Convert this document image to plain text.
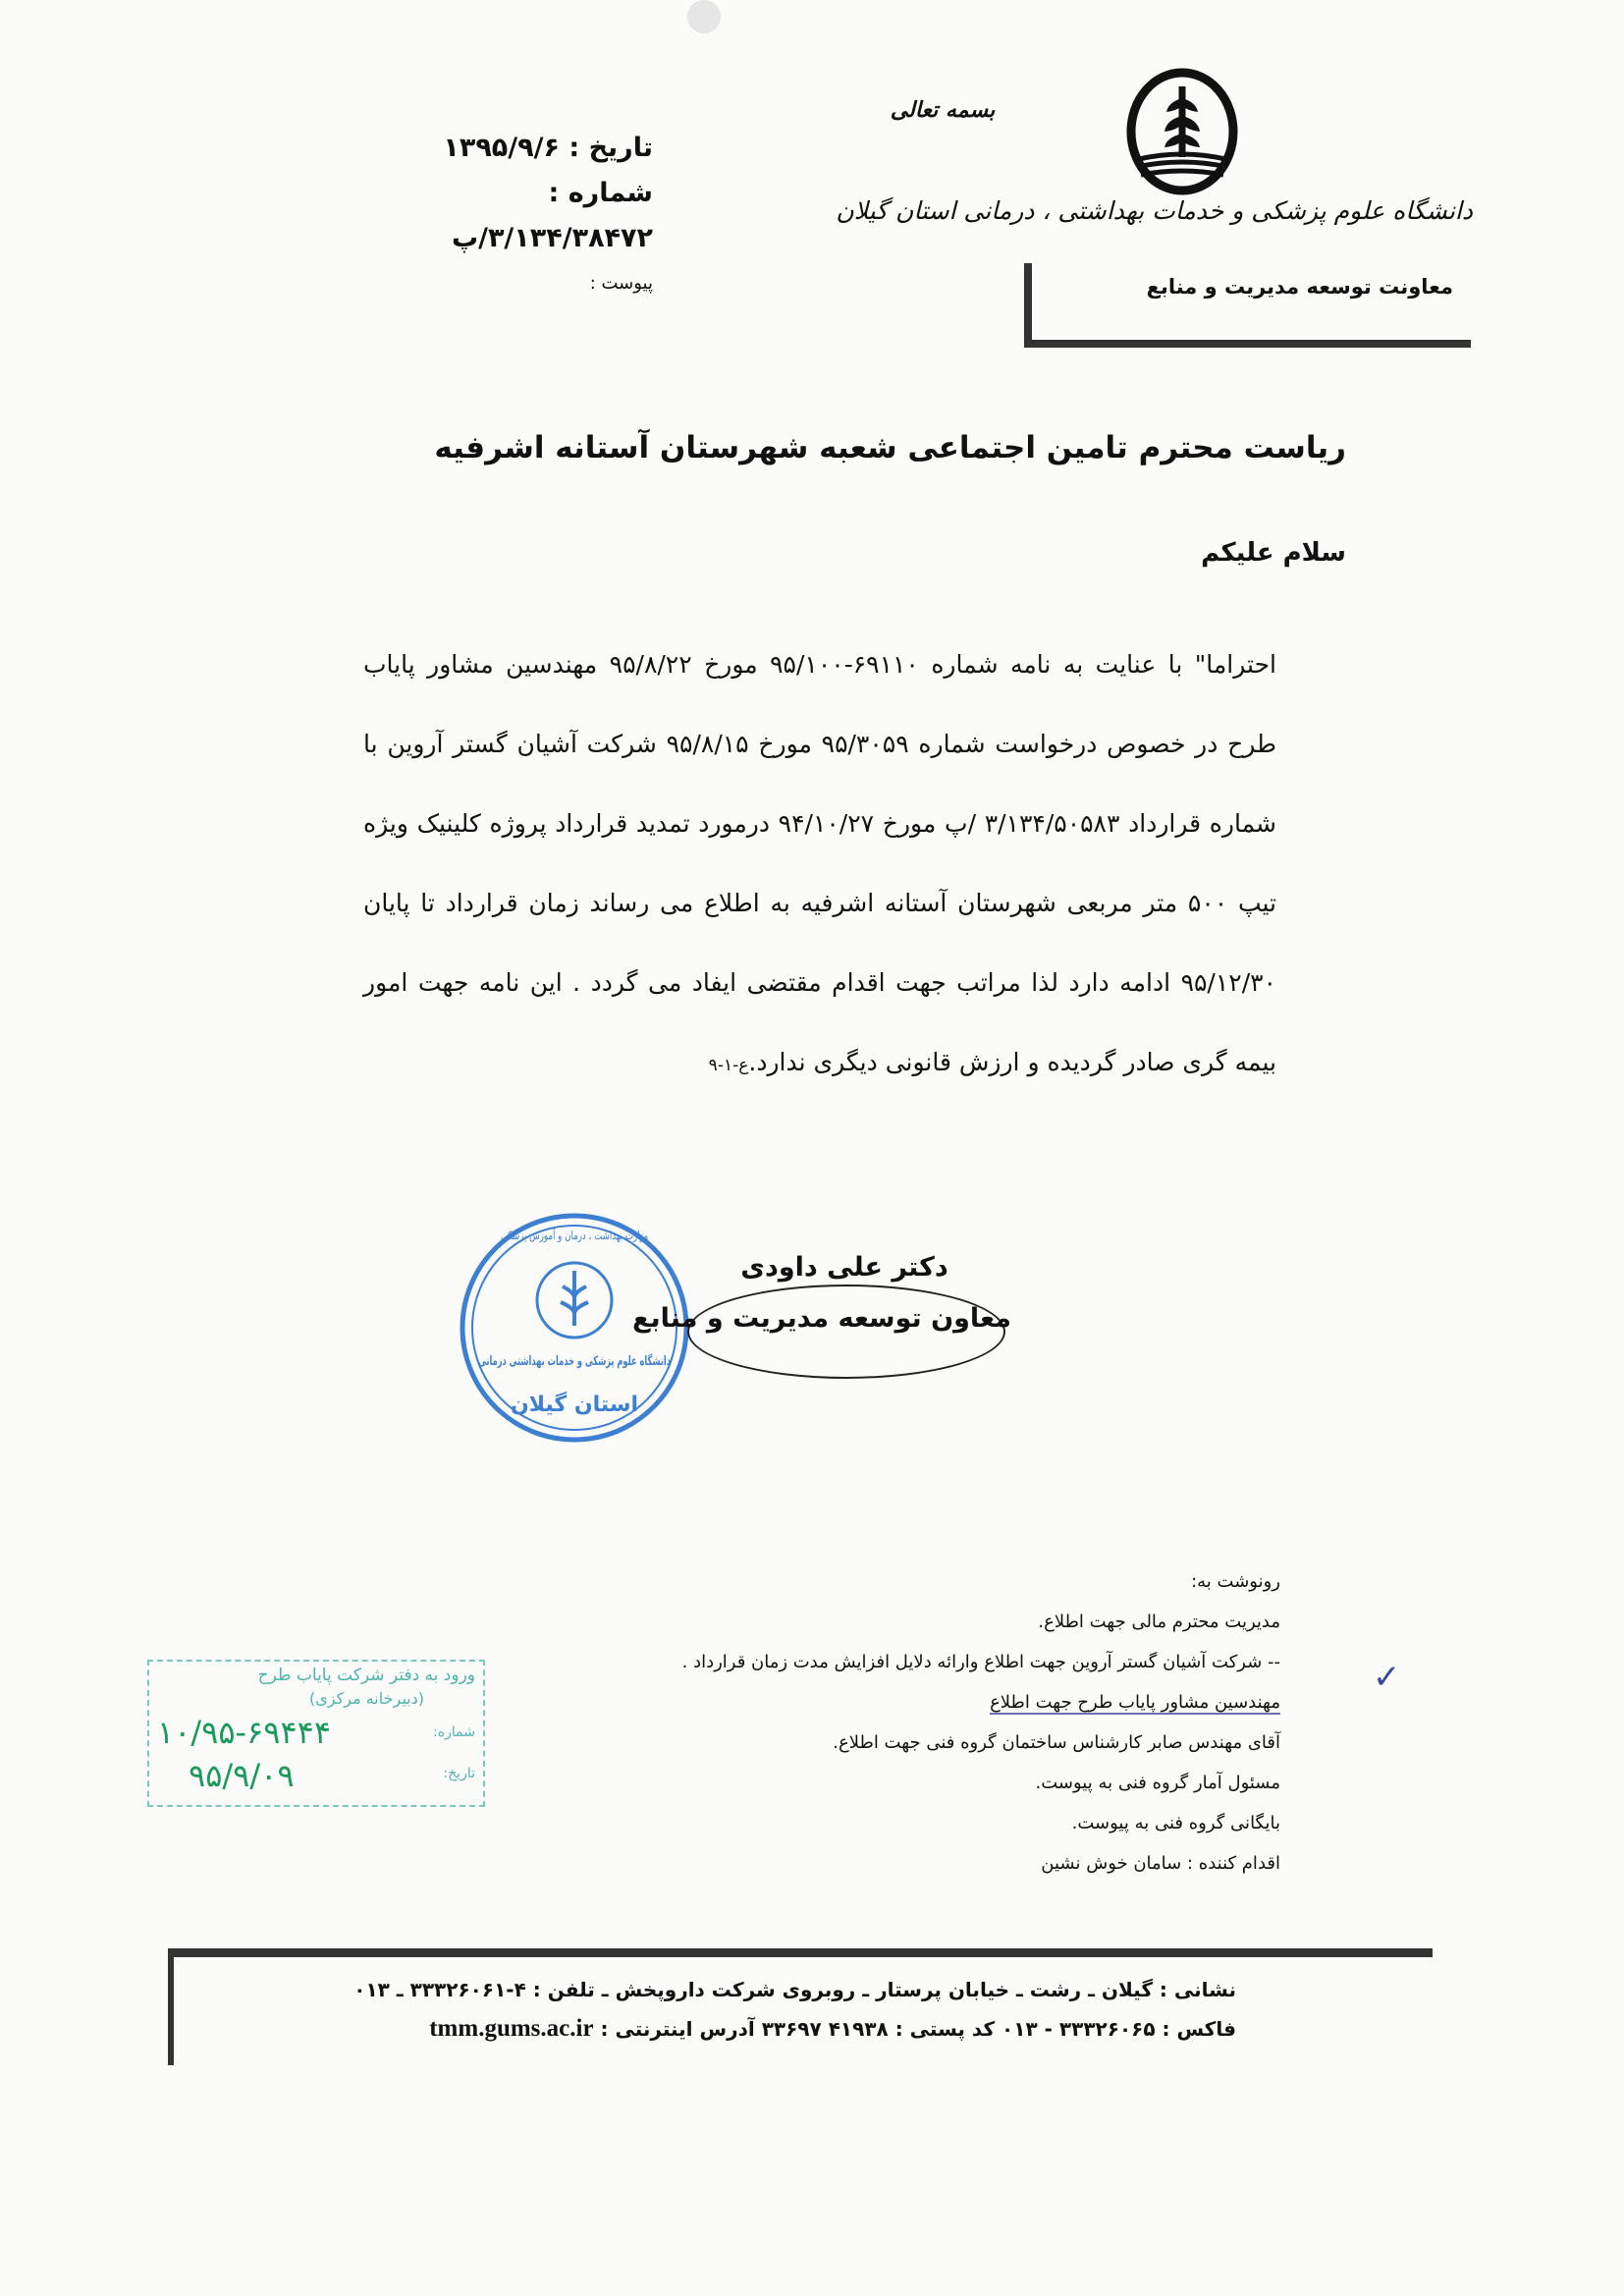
تاریخ : ۱۳۹۵/۹/۶
شماره : ۳/۱۳۴/۳۸۴۷۲/پ
پیوست :
بسمه تعالی
دانشگاه علوم پزشکی و خدمات بهداشتی ، درمانی استان گیلان
معاونت توسعه مدیریت و منابع
ریاست محترم تامین اجتماعی شعبه شهرستان آستانه اشرفیه
سلام علیکم
احتراما" با عنایت به نامه شماره ۶۹۱۱۰-۹۵/۱۰۰ مورخ ۹۵/۸/۲۲ مهندسین مشاور پایاب طرح در خصوص درخواست شماره ۹۵/۳۰۵۹ مورخ ۹۵/۸/۱۵ شرکت آشیان گستر آروین با شماره قرارداد ۳/۱۳۴/۵۰۵۸۳ /پ مورخ ۹۴/۱۰/۲۷ درمورد تمدید قرارداد پروژه کلینیک ویژه تیپ ۵۰۰ متر مربعی شهرستان آستانه اشرفیه به اطلاع می رساند زمان قرارداد تا پایان ۹۵/۱۲/۳۰ ادامه دارد لذا مراتب جهت اقدام مقتضی ایفاد می گردد . این نامه جهت امور بیمه گری صادر گردیده و ارزش قانونی دیگری ندارد.ع-۱-۹
دانشگاه علوم پزشکی و خدمات بهداشتی درمانی
استان گیلان
وزارت بهداشت ، درمان و آموزش پزشکی
دکتر علی داودی
معاون توسعه مدیریت و منابع
رونوشت به:
مدیریت محترم مالی جهت اطلاع.
-- شرکت آشیان گستر آروین جهت اطلاع وارائه دلایل افزایش مدت زمان قرارداد .
مهندسین مشاور پایاب طرح جهت اطلاع
آقای مهندس صابر کارشناس ساختمان گروه فنی جهت اطلاع.
مسئول آمار گروه فنی به پیوست.
بایگانی گروه فنی به پیوست.
اقدام کننده : سامان خوش نشین
✓
ورود به دفتر شرکت پایاب طرح
(دبیرخانه مرکزی)
شماره:
تاریخ:
۱۰/۹۵-۶۹۴۴۴
۹۵/۹/۰۹
نشانی : گیلان ـ رشت ـ خیابان پرستار ـ روبروی شرکت داروپخش ـ تلفن : ۴-۳۳۳۲۶۰۶۱ ـ ۰۱۳
فاکس : ۳۳۳۲۶۰۶۵ - ۰۱۳ کد پستی : ۴۱۹۳۸ ۳۳۶۹۷ آدرس اینترنتی : tmm.gums.ac.ir
